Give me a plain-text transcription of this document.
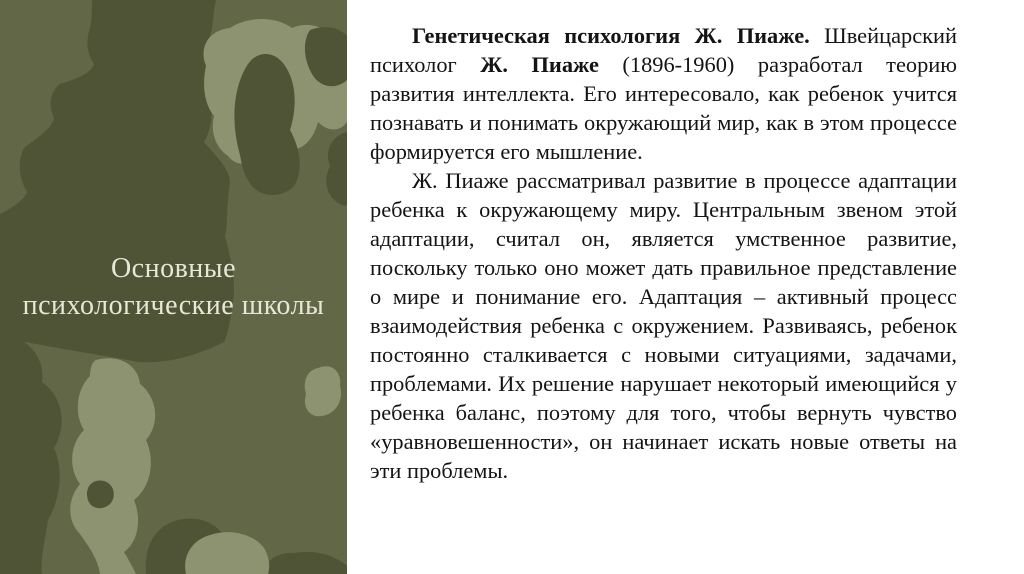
Основные
психологические школы

Генетическая психология Ж. Пиаже. Швейцарский психолог Ж. Пиаже (1896-1960) разработал теорию развития интеллекта. Его интересовало, как ребенок учится познавать и понимать окружающий мир, как в этом процессе формируется его мышление.

Ж. Пиаже рассматривал развитие в процессе адаптации ребенка к окружающему миру. Центральным звеном этой адаптации, считал он, является умственное развитие, поскольку только оно может дать правильное представление о мире и понимание его. Адаптация – активный процесс взаимодействия ребенка с окружением. Развиваясь, ребенок постоянно сталкивается с новыми ситуациями, задачами, проблемами. Их решение нарушает некоторый имеющийся у ребенка баланс, поэтому для того, чтобы вернуть чувство «уравновешенности», он начинает искать новые ответы на эти проблемы.
